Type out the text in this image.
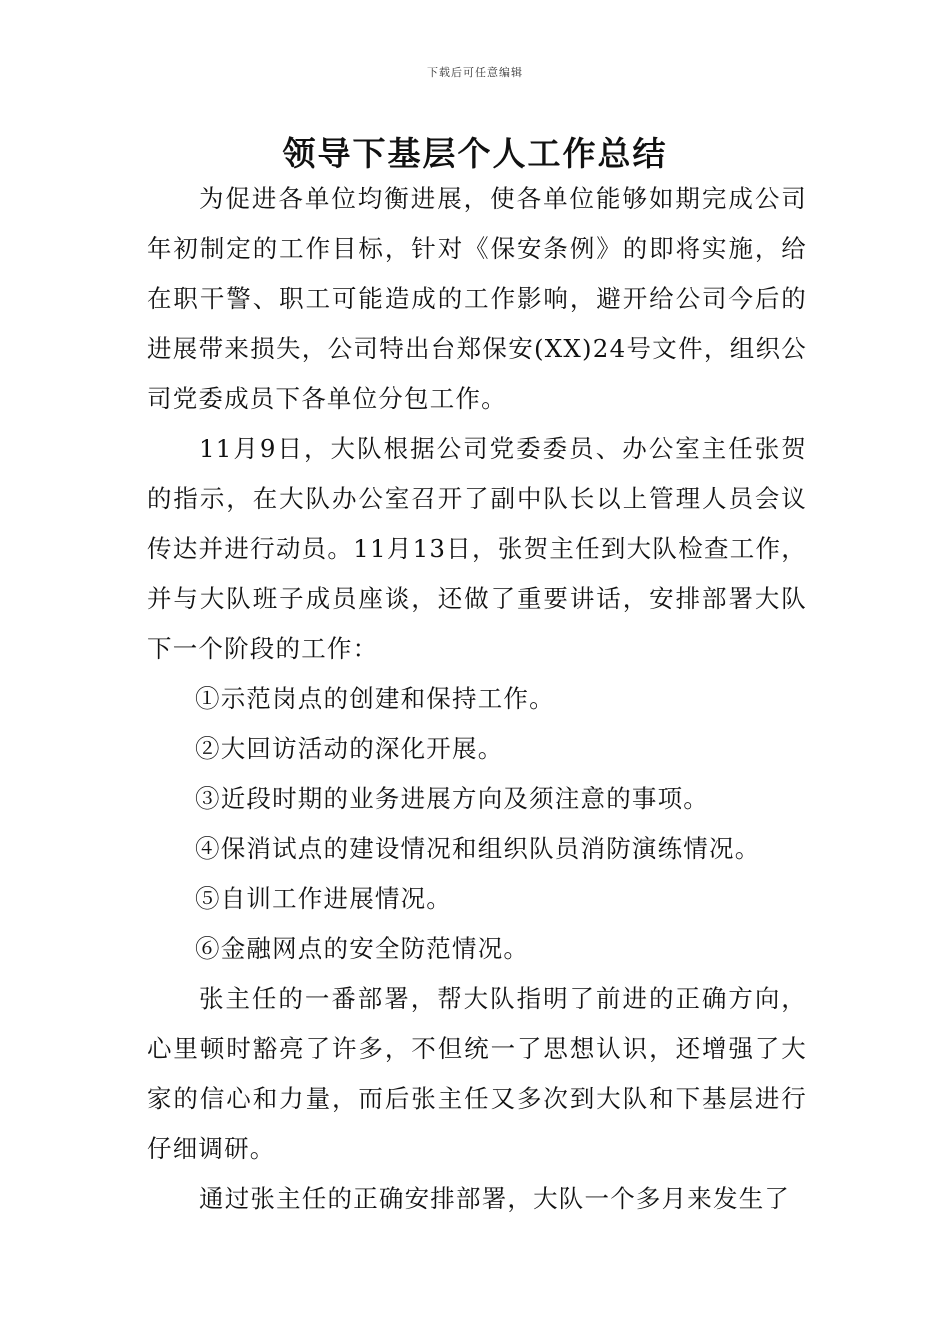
下载后可任意编辑
领导下基层个人工作总结

为促进各单位均衡进展，使各单位能够如期完成公司年初制定的工作目标，针对《保安条例》的即将实施，给在职干警、职工可能造成的工作影响，避开给公司今后的进展带来损失，公司特出台郑保安(XX)24号文件，组织公司党委成员下各单位分包工作。

11月9日，大队根据公司党委委员、办公室主任张贺的指示，在大队办公室召开了副中队长以上管理人员会议传达并进行动员。11月13日，张贺主任到大队检查工作，并与大队班子成员座谈，还做了重要讲话，安排部署大队下一个阶段的工作：

①示范岗点的创建和保持工作。

②大回访活动的深化开展。

③近段时期的业务进展方向及须注意的事项。

④保消试点的建设情况和组织队员消防演练情况。

⑤自训工作进展情况。

⑥金融网点的安全防范情况。

张主任的一番部署，帮大队指明了前进的正确方向，心里顿时豁亮了许多，不但统一了思想认识，还增强了大家的信心和力量，而后张主任又多次到大队和下基层进行仔细调研。

通过张主任的正确安排部署，大队一个多月来发生了
